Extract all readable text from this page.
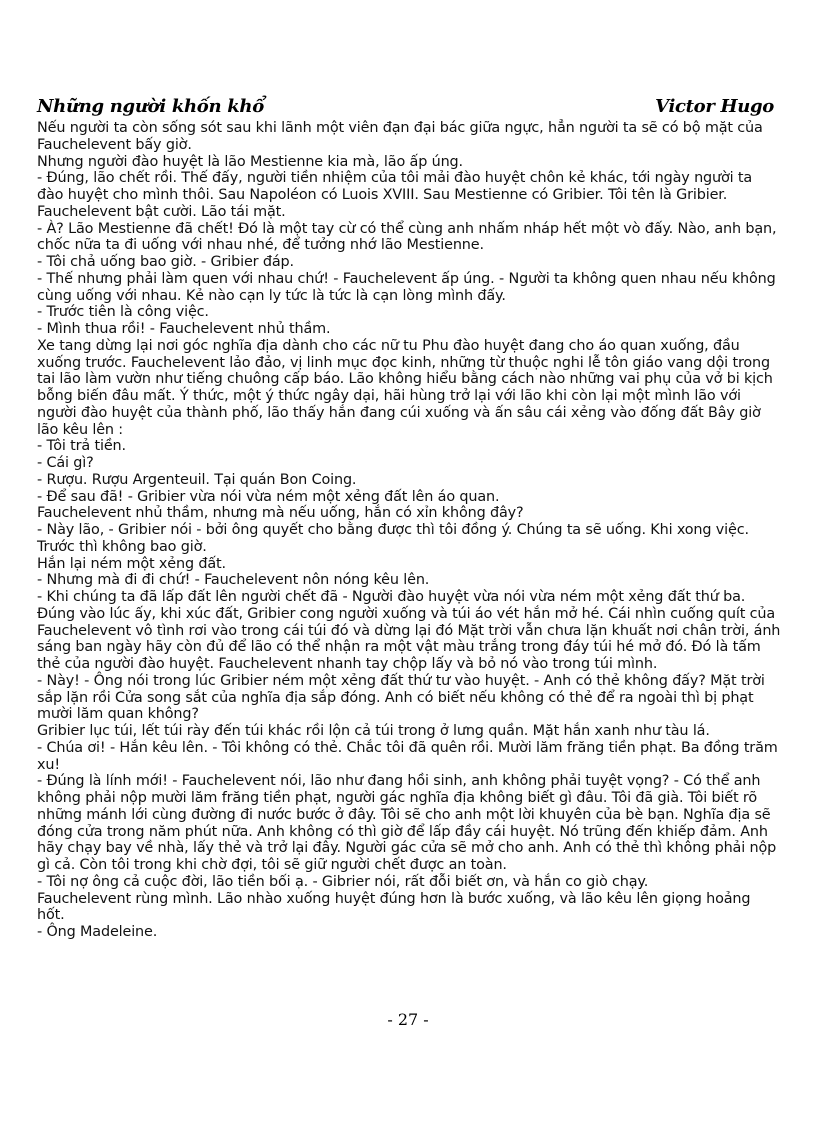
Những người khốn khổ	Victor Hugo

Nếu người ta còn sống sót sau khi lãnh một viên đạn đại bác giữa ngực, hẳn người ta sẽ có bộ mặt của Fauchelevent bấy giờ.

Nhưng người đào huyệt là lão Mestienne kia mà, lão ấp úng.

- Đúng, lão chết rồi. Thế đấy, người tiền nhiệm của tôi mải đào huyệt chôn kẻ khác, tới ngày người ta đào huyệt cho mình thôi. Sau Napoléon có Luois XVIII. Sau Mestienne có Gribier. Tôi tên là Gribier. Fauchelevent bật cười. Lão tái mặt.

- À? Lão Mestienne đã chết! Đó là một tay cừ có thể cùng anh nhấm nháp hết một vò đấy. Nào, anh bạn, chốc nữa ta đi uống với nhau nhé, để tưởng nhớ lão Mestienne.

- Tôi chả uống bao giờ. - Gribier đáp.

- Thế nhưng phải làm quen với nhau chứ! - Fauchelevent ấp úng. - Người ta không quen nhau nếu không cùng uống với nhau. Kẻ nào cạn ly tức là tức là cạn lòng mình đấy.

- Trước tiên là công việc.

- Mình thua rồi! - Fauchelevent nhủ thầm.

Xe tang dừng lại nơi góc nghĩa địa dành cho các nữ tu Phu đào huyệt đang cho áo quan xuống, đầu xuống trước. Fauchelevent lảo đảo, vị linh mục đọc kinh, những từ thuộc nghi lễ tôn giáo vang dội trong tai lão làm vườn như tiếng chuông cấp báo. Lão không hiểu bằng cách nào những vai phụ của vở bi kịch bỗng biến đâu mất. Ý thức, một ý thức ngây dại, hãi hùng trở lại với lão khi còn lại một mình lão với người đào huyệt của thành phố, lão thấy hắn đang cúi xuống và ấn sâu cái xẻng vào đống đất Bây giờ lão kêu lên :

- Tôi trả tiền.

- Cái gì?

- Rượu. Rượu Argenteuil. Tại quán Bon Coing.

- Để sau đã! - Gribier vừa nói vừa ném một xẻng đất lên áo quan.

Fauchelevent nhủ thầm, nhưng mà nếu uống, hắn có xỉn không đây?

- Này lão, - Gribier nói - bởi ông quyết cho bằng được thì tôi đồng ý. Chúng ta sẽ uống. Khi xong việc. Trước thì không bao giờ.

Hắn lại ném một xẻng đất.

- Nhưng mà đi đi chứ! - Fauchelevent nôn nóng kêu lên.

- Khi chúng ta đã lấp đất lên người chết đã - Người đào huyệt vừa nói vừa ném một xẻng đất thứ ba. Đúng vào lúc ấy, khi xúc đất, Gribier cong người xuống và túi áo vét hắn mở hé. Cái nhìn cuống quít của Fauchelevent vô tình rơi vào trong cái túi đó và dừng lại đó Mặt trời vẫn chưa lặn khuất nơi chân trời, ánh sáng ban ngày hãy còn đủ để lão có thể nhận ra một vật màu trắng trong đáy túi hé mở đó. Đó là tấm thẻ của người đào huyệt. Fauchelevent nhanh tay chộp lấy và bỏ nó vào trong túi mình.

- Này! - Ông nói trong lúc Gribier ném một xẻng đất thứ tư vào huyệt. - Anh có thẻ không đấy? Mặt trời sắp lặn rồi Cửa song sắt của nghĩa địa sắp đóng. Anh có biết nếu không có thẻ để ra ngoài thì bị phạt mười lăm quan không?

Gribier lục túi, lết túi rày đến túi khác rồi lộn cả túi trong ở lưng quần. Mặt hắn xanh như tàu lá.

- Chúa ơi! - Hắn kêu lên. - Tôi không có thẻ. Chắc tôi đã quên rồi. Mười lăm frăng tiền phạt. Ba đồng trăm xu!

- Đúng là lính mới! - Fauchelevent nói, lão như đang hồi sinh, anh không phải tuyệt vọng? - Có thể anh không phải nộp mười lăm frăng tiền phạt, người gác nghĩa địa không biết gì đâu. Tôi đã già. Tôi biết rõ những mánh lới cùng đường đi nước bước ở đây. Tôi sẽ cho anh một lời khuyên của bè bạn. Nghĩa địa sẽ đóng cửa trong năm phút nữa. Anh không có thì giờ để lấp đầy cái huyệt. Nó trũng đến khiếp đảm. Anh hãy chạy bay về nhà, lấy thẻ và trở lại đây. Người gác cửa sẽ mở cho anh. Anh có thẻ thì không phải nộp gì cả. Còn tôi trong khi chờ đợi, tôi sẽ giữ người chết được an toàn.

- Tôi nợ ông cả cuộc đời, lão tiền bối ạ. - Gibrier nói, rất đỗi biết ơn, và hắn co giò chạy.

Fauchelevent rùng mình. Lão nhào xuống huyệt đúng hơn là bước xuống, và lão kêu lên giọng hoảng hốt.

- Ông Madeleine.

- 27 -
